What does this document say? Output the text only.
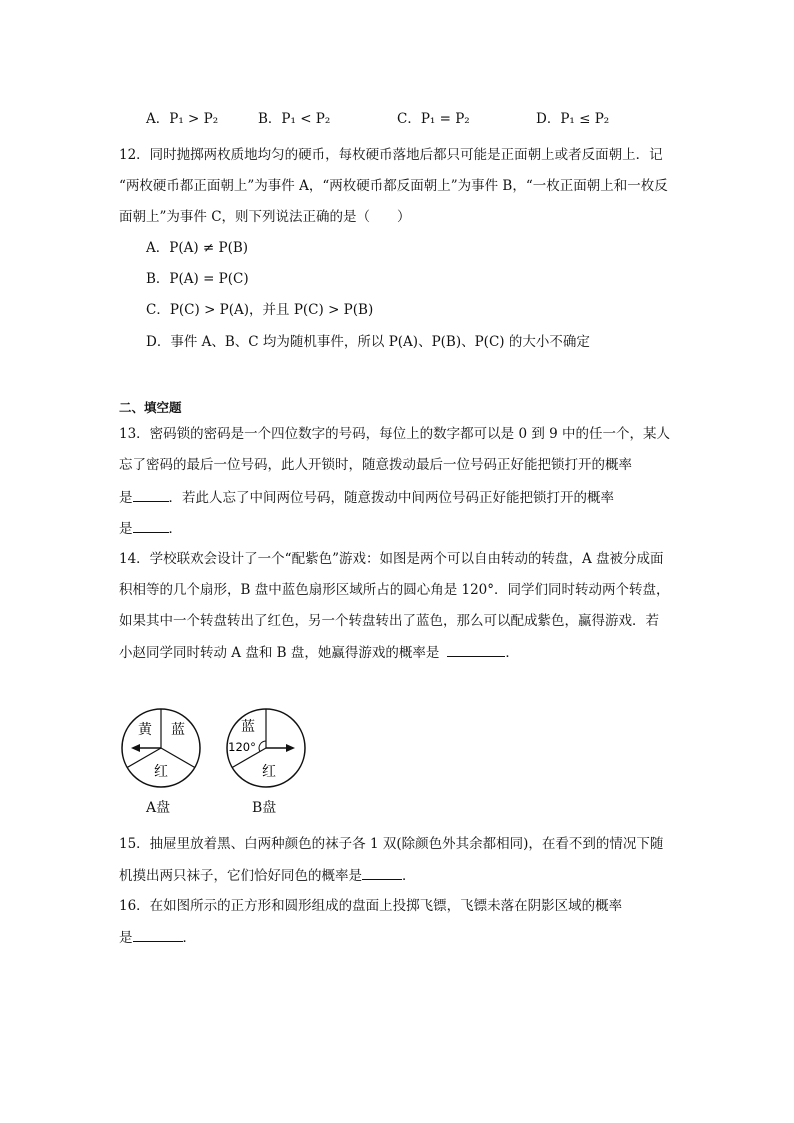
A．P₁ > P₂	B．P₁ < P₂	C．P₁ = P₂	D．P₁ ≤ P₂
12．同时抛掷两枚质地均匀的硬币，每枚硬币落地后都只可能是正面朝上或者反面朝上．记
“两枚硬币都正面朝上”为事件 A，“两枚硬币都反面朝上”为事件 B，“一枚正面朝上和一枚反
面朝上”为事件 C，则下列说法正确的是（　　）
A．P(A) ≠ P(B)
B．P(A) = P(C)
C．P(C) > P(A)，并且 P(C) > P(B)
D．事件 A、B、C 均为随机事件，所以 P(A)、P(B)、P(C) 的大小不确定
二、填空题
13．密码锁的密码是一个四位数字的号码，每位上的数字都可以是 0 到 9 中的任一个，某人
忘了密码的最后一位号码，此人开锁时，随意拨动最后一位号码正好能把锁打开的概率
是	．若此人忘了中间两位号码，随意拨动中间两位号码正好能把锁打开的概率
是	．
14．学校联欢会设计了一个“配紫色”游戏：如图是两个可以自由转动的转盘，A 盘被分成面
积相等的几个扇形，B 盘中蓝色扇形区域所占的圆心角是 120°．同学们同时转动两个转盘，
如果其中一个转盘转出了红色，另一个转盘转出了蓝色，那么可以配成紫色，赢得游戏．若
小赵同学同时转动 A 盘和 B 盘，她赢得游戏的概率是	．
黄 蓝
红
A盘
蓝
120°
红
B盘
15．抽屉里放着黑、白两种颜色的袜子各 1 双(除颜色外其余都相同)，在看不到的情况下随
机摸出两只袜子，它们恰好同色的概率是	．
16．在如图所示的正方形和圆形组成的盘面上投掷飞镖，飞镖未落在阴影区域的概率
是	．
